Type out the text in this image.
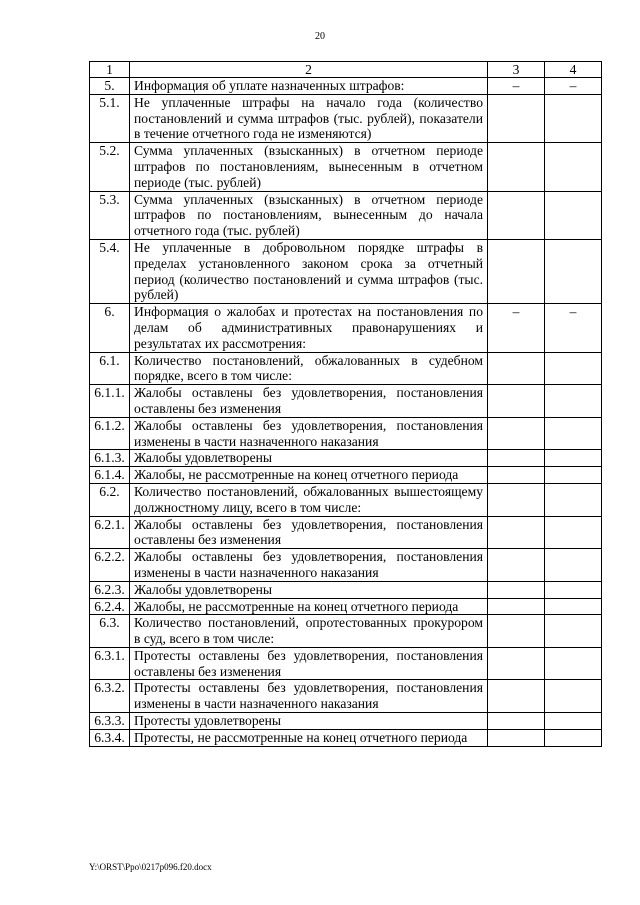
20
1	2	3	4
5.	Информация об уплате назначенных штрафов:	–	–
5.1.	Не уплаченные штрафы на начало года (количество постановлений и сумма штрафов (тыс. рублей), показатели в течение отчетного года не изменяются)		
5.2.	Сумма уплаченных (взысканных) в отчетном периоде штрафов по постановлениям, вынесенным в отчетном периоде (тыс. рублей)		
5.3.	Сумма уплаченных (взысканных) в отчетном периоде штрафов по постановлениям, вынесенным до начала отчетного года (тыс. рублей)		
5.4.	Не уплаченные в добровольном порядке штрафы в пределах установленного законом срока за отчетный период (количество постановлений и сумма штрафов (тыс. рублей)		
6.	Информация о жалобах и протестах на постановления по делам об административных правонарушениях и результатах их рассмотрения:	–	–
6.1.	Количество постановлений, обжалованных в судебном порядке, всего в том числе:		
6.1.1.	Жалобы оставлены без удовлетворения, постановления оставлены без изменения		
6.1.2.	Жалобы оставлены без удовлетворения, постановления изменены в части назначенного наказания		
6.1.3.	Жалобы удовлетворены		
6.1.4.	Жалобы, не рассмотренные на конец отчетного периода		
6.2.	Количество постановлений, обжалованных вышестоящему должностному лицу, всего в том числе:		
6.2.1.	Жалобы оставлены без удовлетворения, постановления оставлены без изменения		
6.2.2.	Жалобы оставлены без удовлетворения, постановления изменены в части назначенного наказания		
6.2.3.	Жалобы удовлетворены		
6.2.4.	Жалобы, не рассмотренные на конец отчетного периода		
6.3.	Количество постановлений, опротестованных прокурором в суд, всего в том числе:		
6.3.1.	Протесты оставлены без удовлетворения, постановления оставлены без изменения		
6.3.2.	Протесты оставлены без удовлетворения, постановления изменены в части назначенного наказания		
6.3.3.	Протесты удовлетворены		
6.3.4.	Протесты, не рассмотренные на конец отчетного периода		
Y:\ORST\Ppo\0217p096.f20.docx
